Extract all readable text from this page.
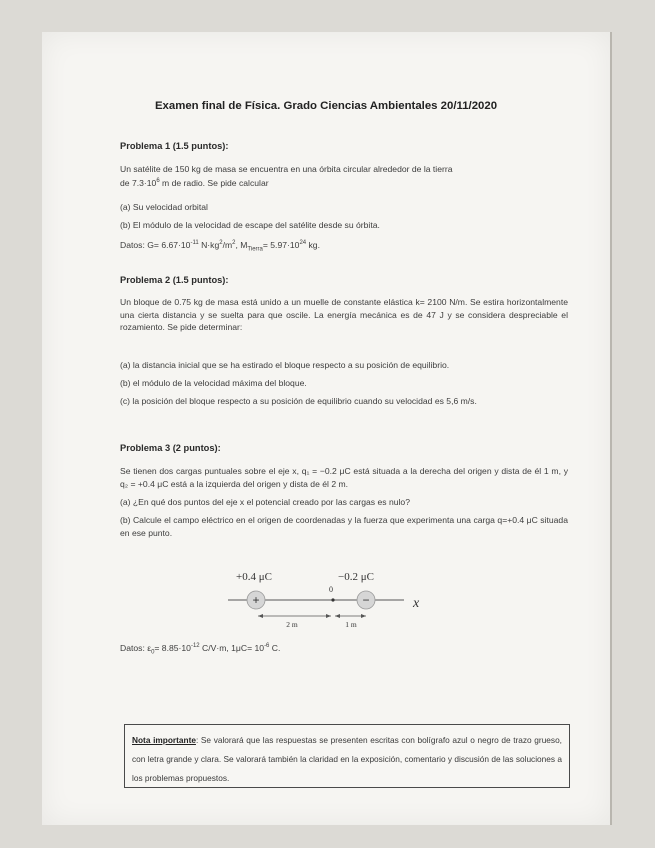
Examen final de Física. Grado Ciencias Ambientales 20/11/2020
Problema 1 (1.5 puntos):
Un satélite de 150 kg de masa se encuentra en una órbita circular alrededor de la tierra
de $7.3\cdot 10^6$ m de radio. Se pide calcular
(a) Su velocidad orbital
(b) El módulo de la velocidad de escape del satélite desde su órbita.
Datos: $G= 6.67\cdot 10^{-11}$ $N\cdot kg^2/m^2$, $M_{Tierra}= 5.97\cdot 10^{24}$ kg.
Problema 2 (1.5 puntos):
Un bloque de 0.75 kg de masa está unido a un muelle de constante elástica k= 2100 N/m. Se estira horizontalmente una cierta distancia y se suelta para que oscile. La energía mecánica es de 47 J y se considera despreciable el rozamiento. Se pide determinar:
(a) la distancia inicial que se ha estirado el bloque respecto a su posición de equilibrio.
(b) el módulo de la velocidad máxima del bloque.
(c) la posición del bloque respecto a su posición de equilibrio cuando su velocidad es 5,6 m/s.
Problema 3 (2 puntos):
Se tienen dos cargas puntuales sobre el eje x, q₁ = −0.2 μC está situada a la derecha del origen y dista de él 1 m, y q₂ = +0.4 μC está a la izquierda del origen y dista de él 2 m.
(a) ¿En qué dos puntos del eje x el potencial creado por las cargas es nulo?
(b) Calcule el campo eléctrico en el origen de coordenadas y la fuerza que experimenta una carga q=+0.4 μC situada en ese punto.
+0.4 μC	−0.2 μC
0
+	−	x
2 m	1 m
Datos: $\varepsilon_0= 8.85\cdot 10^{-12}$ C/V·m, $1\mu C= 10^{-6}$ C.
Nota importante: Se valorará que las respuestas se presenten escritas con bolígrafo azul o negro de trazo grueso, con letra grande y clara. Se valorará también la claridad en la exposición, comentario y discusión de las soluciones a los problemas propuestos.
